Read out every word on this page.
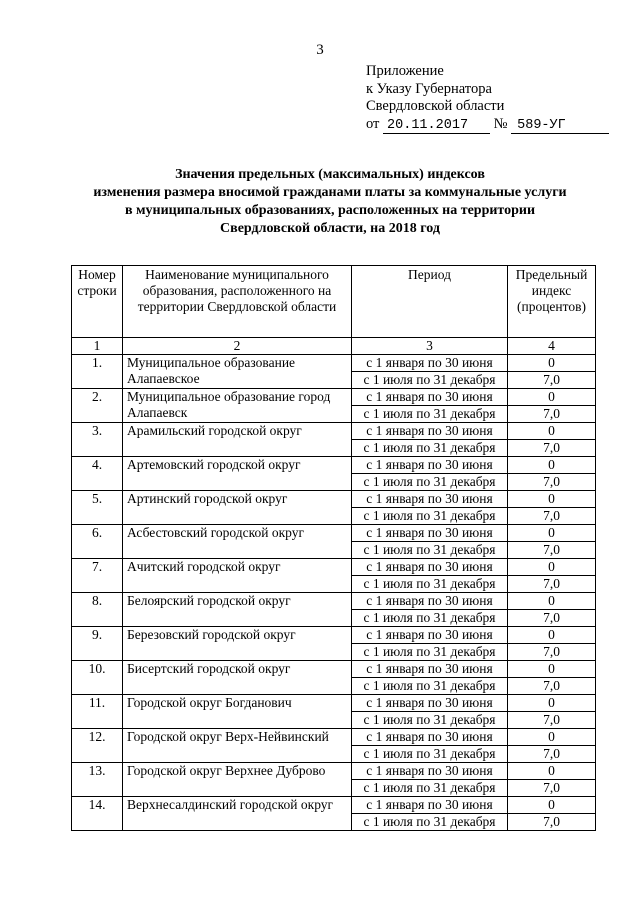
3
Приложение
к Указу Губернатора
Свердловской области
от 20.11.2017 № 589-УГ
Значения предельных (максимальных) индексов
изменения размера вносимой гражданами платы за коммунальные услуги
в муниципальных образованиях, расположенных на территории
Свердловской области, на 2018 год
Номер строки	Наименование муниципального образования, расположенного на территории Свердловской области	Период	Предельный индекс (процентов)
1	2	3	4
1.	Муниципальное образование Алапаевское	с 1 января по 30 июня	0
		с 1 июля по 31 декабря	7,0
2.	Муниципальное образование город Алапаевск	с 1 января по 30 июня	0
		с 1 июля по 31 декабря	7,0
3.	Арамильский городской округ	с 1 января по 30 июня	0
		с 1 июля по 31 декабря	7,0
4.	Артемовский городской округ	с 1 января по 30 июня	0
		с 1 июля по 31 декабря	7,0
5.	Артинский городской округ	с 1 января по 30 июня	0
		с 1 июля по 31 декабря	7,0
6.	Асбестовский городской округ	с 1 января по 30 июня	0
		с 1 июля по 31 декабря	7,0
7.	Ачитский городской округ	с 1 января по 30 июня	0
		с 1 июля по 31 декабря	7,0
8.	Белоярский городской округ	с 1 января по 30 июня	0
		с 1 июля по 31 декабря	7,0
9.	Березовский городской округ	с 1 января по 30 июня	0
		с 1 июля по 31 декабря	7,0
10.	Бисертский городской округ	с 1 января по 30 июня	0
		с 1 июля по 31 декабря	7,0
11.	Городской округ Богданович	с 1 января по 30 июня	0
		с 1 июля по 31 декабря	7,0
12.	Городской округ Верх-Нейвинский	с 1 января по 30 июня	0
		с 1 июля по 31 декабря	7,0
13.	Городской округ Верхнее Дуброво	с 1 января по 30 июня	0
		с 1 июля по 31 декабря	7,0
14.	Верхнесалдинский городской округ	с 1 января по 30 июня	0
		с 1 июля по 31 декабря	7,0
